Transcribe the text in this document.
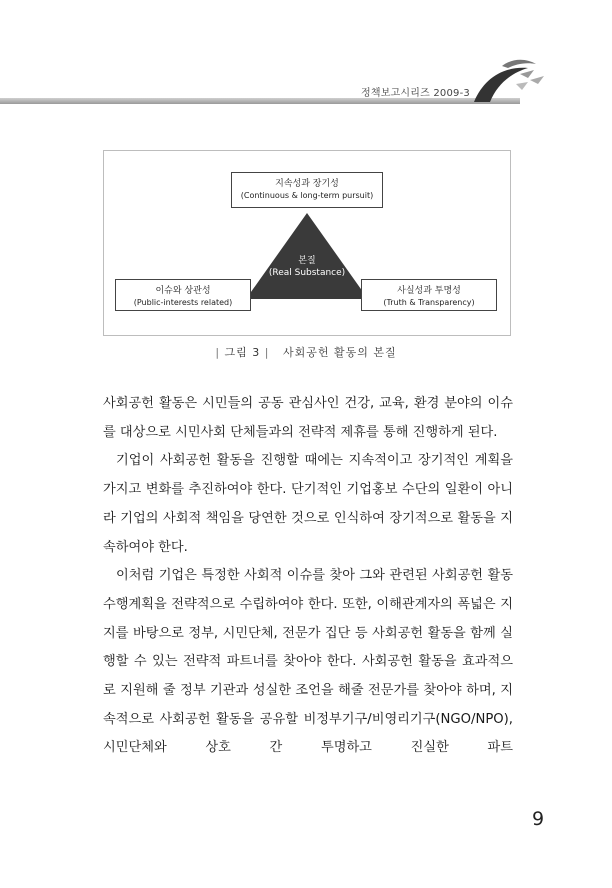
정책보고시리즈 2009-3
지속성과 장기성
(Continuous & long-term pursuit)
본질
(Real Substance)
이슈와 상관성
(Public-interests related)
사실성과 투명성
(Truth & Transparency)
| 그림 3 | 사회공헌 활동의 본질

사회공헌 활동은 시민들의 공동 관심사인 건강, 교육, 환경 분야의 이슈를 대상으로 시민사회 단체들과의 전략적 제휴를 통해 진행하게 된다.

기업이 사회공헌 활동을 진행할 때에는 지속적이고 장기적인 계획을 가지고 변화를 추진하여야 한다. 단기적인 기업홍보 수단의 일환이 아니라 기업의 사회적 책임을 당연한 것으로 인식하여 장기적으로 활동을 지속하여야 한다.

이처럼 기업은 특정한 사회적 이슈를 찾아 그와 관련된 사회공헌 활동 수행계획을 전략적으로 수립하여야 한다. 또한, 이해관계자의 폭넓은 지지를 바탕으로 정부, 시민단체, 전문가 집단 등 사회공헌 활동을 함께 실행할 수 있는 전략적 파트너를 찾아야 한다. 사회공헌 활동을 효과적으로 지원해 줄 정부 기관과 성실한 조언을 해줄 전문가를 찾아야 하며, 지속적으로 사회공헌 활동을 공유할 비정부기구/비영리기구(NGO/NPO), 시민단체와 상호 간 투명하고 진실한 파트

9
